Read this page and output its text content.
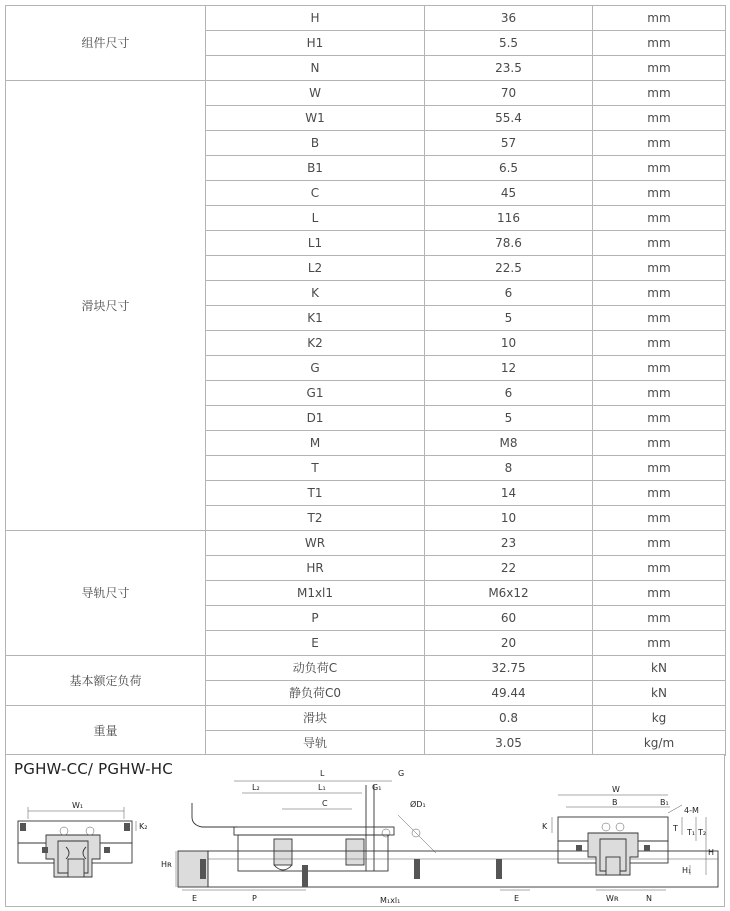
组件尺寸	H	36	mm
	H1	5.5	mm
	N	23.5	mm
滑块尺寸	W	70	mm
	W1	55.4	mm
	B	57	mm
	B1	6.5	mm
	C	45	mm
	L	116	mm
	L1	78.6	mm
	L2	22.5	mm
	K	6	mm
	K1	5	mm
	K2	10	mm
	G	12	mm
	G1	6	mm
	D1	5	mm
	M	M8	mm
	T	8	mm
	T1	14	mm
	T2	10	mm
导轨尺寸	WR	23	mm
	HR	22	mm
	M1xl1	M6x12	mm
	P	60	mm
	E	20	mm
基本额定负荷	动负荷C	32.75	kN
	静负荷C0	49.44	kN
重量	滑块	0.8	kg
	导轨	3.05	kg/m
PGHW-CC/ PGHW-HC
W₁
K₂
L
L₂	L₁	G₁
G
C	ØD₁
Hʀ
E	P	M₁xl₁	E
W
B	B₁
4-M
K	T T₁ T₂
H
H₁
Wʀ	N
